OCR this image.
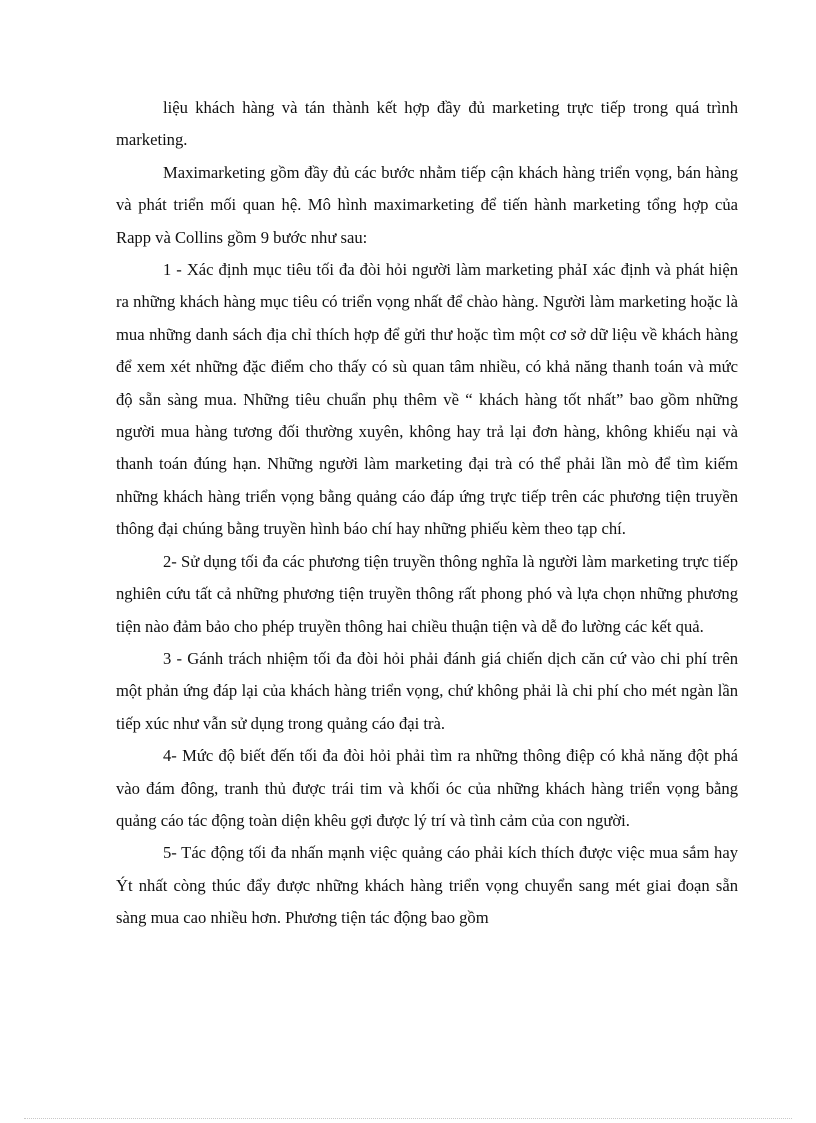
liệu khách hàng và tán thành kết hợp đầy đủ marketing trực tiếp trong quá trình marketing.

Maximarketing gồm đầy đủ các bước nhằm tiếp cận khách hàng triển vọng, bán hàng và phát triển mối quan hệ. Mô hình maximarketing để tiến hành marketing tổng hợp của Rapp và Collins gồm 9 bước như sau:

1 - Xác định mục tiêu tối đa đòi hỏi người làm marketing phảI xác định và phát hiện ra những khách hàng mục tiêu có triển vọng nhất để chào hàng. Người làm marketing hoặc là mua những danh sách địa chỉ thích hợp để gửi thư hoặc tìm một cơ sở dữ liệu về khách hàng để xem xét những đặc điểm cho thấy có sù quan tâm nhiều, có khả năng thanh toán và mức độ sẵn sàng mua. Những tiêu chuẩn phụ thêm về “ khách hàng tốt nhất” bao gồm những người mua hàng tương đối thường xuyên, không hay trả lại đơn hàng, không khiếu nại và thanh toán đúng hạn. Những người làm marketing đại trà có thể phải lần mò để tìm kiếm những khách hàng triển vọng bằng quảng cáo đáp ứng trực tiếp trên các phương tiện truyền thông đại chúng bằng truyền hình báo chí hay những phiếu kèm theo tạp chí.

2- Sử dụng tối đa các phương tiện truyền thông nghĩa là người làm marketing trực tiếp nghiên cứu tất cả những phương tiện truyền thông rất phong phó và lựa chọn những phương tiện nào đảm bảo cho phép truyền thông hai chiều thuận tiện và dễ đo lường các kết quả.

3 - Gánh trách nhiệm tối đa đòi hỏi phải đánh giá chiến dịch căn cứ vào chi phí trên một phản ứng đáp lại của khách hàng triển vọng, chứ không phải là chi phí cho mét ngàn lần tiếp xúc như vẫn sử dụng trong quảng cáo đại trà.

4- Mức độ biết đến tối đa đòi hỏi phải tìm ra những thông điệp có khả năng đột phá vào đám đông, tranh thủ được trái tim và khối óc của những khách hàng triển vọng bằng quảng cáo tác động toàn diện khêu gợi được lý trí và tình cảm của con người.

5- Tác động tối đa nhấn mạnh việc quảng cáo phải kích thích được việc mua sắm hay Ýt nhất còng thúc đẩy được những khách hàng triển vọng chuyển sang mét giai đoạn sẵn sàng mua cao nhiều hơn. Phương tiện tác động bao gồm
